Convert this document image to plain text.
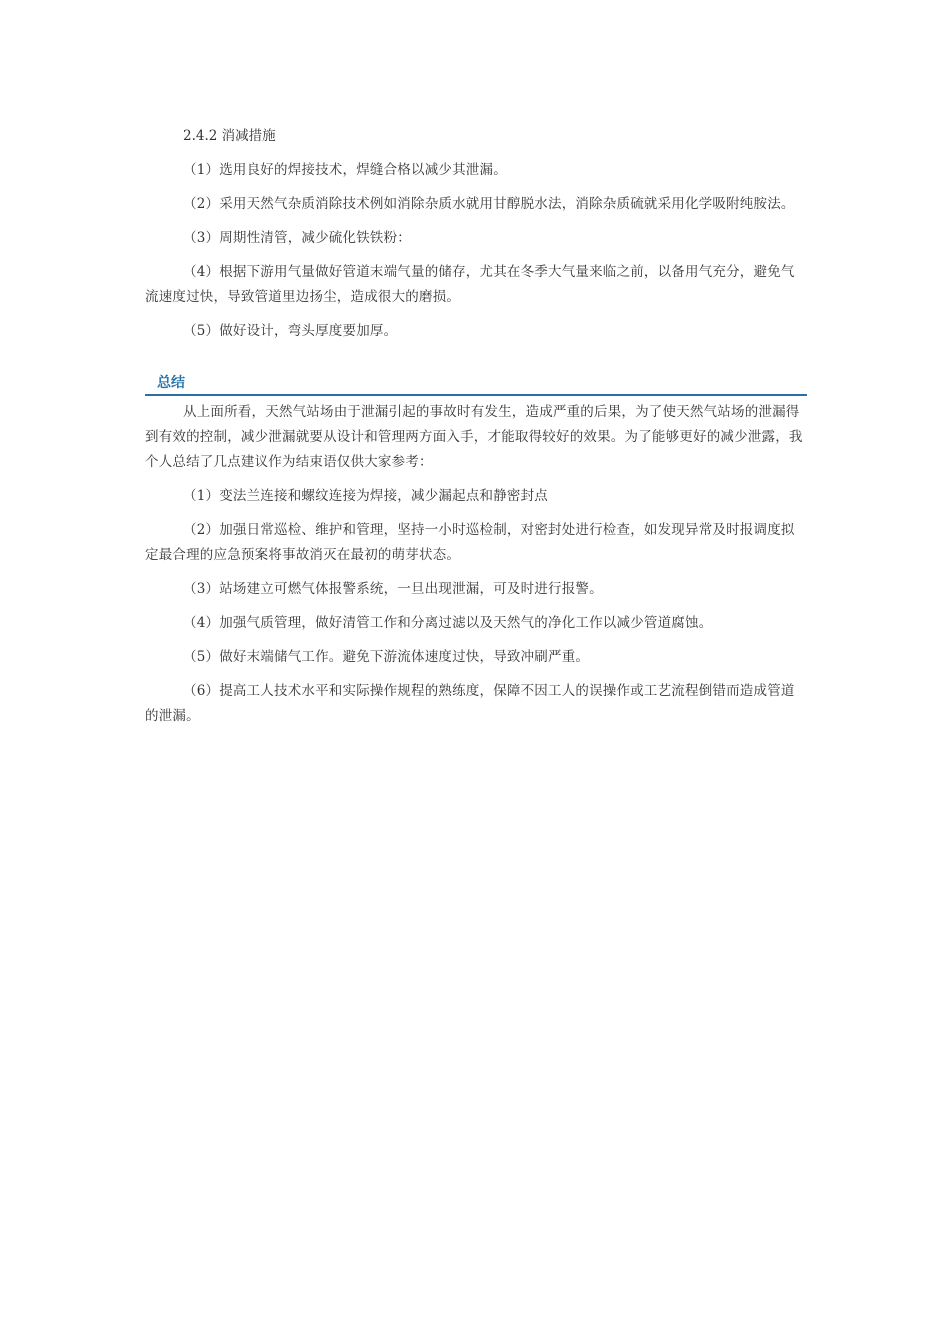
2.4.2 消减措施

（1）选用良好的焊接技术，焊缝合格以减少其泄漏。

（2）采用天然气杂质消除技术例如消除杂质水就用甘醇脱水法，消除杂质硫就采用化学吸附纯胺法。

（3）周期性清管，减少硫化铁铁粉：

（4）根据下游用气量做好管道末端气量的储存，尤其在冬季大气量来临之前，以备用气充分，避免气流速度过快，导致管道里边扬尘，造成很大的磨损。

（5）做好设计，弯头厚度要加厚。

总结

从上面所看，天然气站场由于泄漏引起的事故时有发生，造成严重的后果，为了使天然气站场的泄漏得到有效的控制，减少泄漏就要从设计和管理两方面入手，才能取得较好的效果。为了能够更好的减少泄露，我个人总结了几点建议作为结束语仅供大家参考：

（1）变法兰连接和螺纹连接为焊接，减少漏起点和静密封点

（2）加强日常巡检、维护和管理，坚持一小时巡检制，对密封处进行检查，如发现异常及时报调度拟定最合理的应急预案将事故消灭在最初的萌芽状态。

（3）站场建立可燃气体报警系统，一旦出现泄漏，可及时进行报警。

（4）加强气质管理，做好清管工作和分离过滤以及天然气的净化工作以减少管道腐蚀。

（5）做好末端储气工作。避免下游流体速度过快，导致冲刷严重。

（6）提高工人技术水平和实际操作规程的熟练度，保障不因工人的误操作或工艺流程倒错而造成管道的泄漏。
